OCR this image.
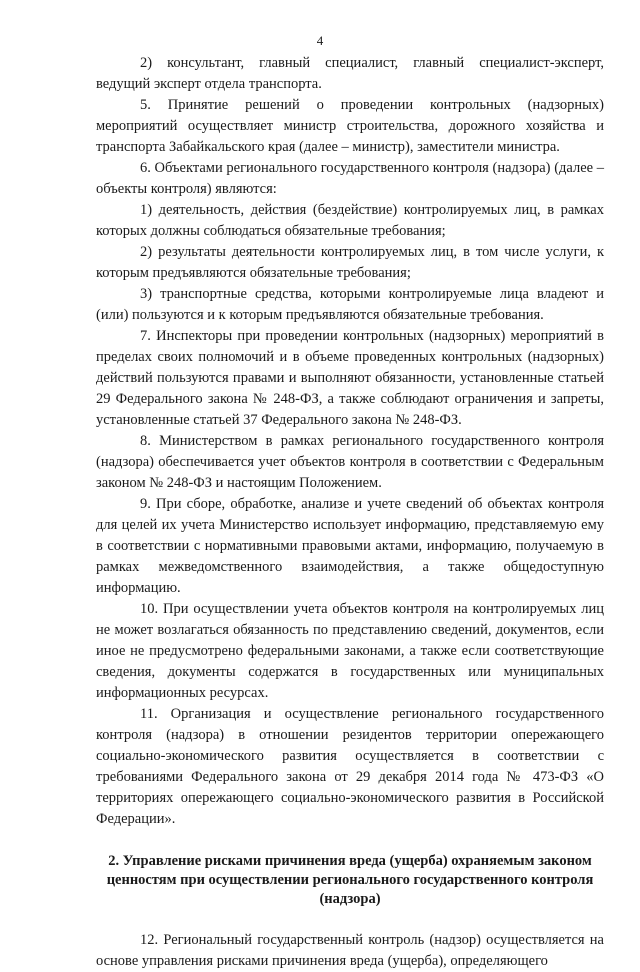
4

2) консультант, главный специалист, главный специалист-эксперт, ведущий эксперт отдела транспорта.

5. Принятие решений о проведении контрольных (надзорных) мероприятий осуществляет министр строительства, дорожного хозяйства и транспорта Забайкальского края (далее – министр), заместители министра.

6. Объектами регионального государственного контроля (надзора) (далее – объекты контроля) являются:

1) деятельность, действия (бездействие) контролируемых лиц, в рамках которых должны соблюдаться обязательные требования;

2) результаты деятельности контролируемых лиц, в том числе услуги, к которым предъявляются обязательные требования;

3) транспортные средства, которыми контролируемые лица владеют и (или) пользуются и к которым предъявляются обязательные требования.

7. Инспекторы при проведении контрольных (надзорных) мероприятий в пределах своих полномочий и в объеме проведенных контрольных (надзорных) действий пользуются правами и выполняют обязанности, установленные статьей 29 Федерального закона № 248-ФЗ, а также соблюдают ограничения и запреты, установленные статьей 37 Федерального закона № 248-ФЗ.

8. Министерством в рамках регионального государственного контроля (надзора) обеспечивается учет объектов контроля в соответствии с Федеральным законом № 248-ФЗ и настоящим Положением.

9. При сборе, обработке, анализе и учете сведений об объектах контроля для целей их учета Министерство использует информацию, представляемую ему в соответствии с нормативными правовыми актами, информацию, получаемую в рамках межведомственного взаимодействия, а также общедоступную информацию.

10. При осуществлении учета объектов контроля на контролируемых лиц не может возлагаться обязанность по представлению сведений, документов, если иное не предусмотрено федеральными законами, а также если соответствующие сведения, документы содержатся в государственных или муниципальных информационных ресурсах.

11. Организация и осуществление регионального государственного контроля (надзора) в отношении резидентов территории опережающего социально-экономического развития осуществляется в соответствии с требованиями Федерального закона от 29 декабря 2014 года № 473-ФЗ «О территориях опережающего социально-экономического развития в Российской Федерации».

2. Управление рисками причинения вреда (ущерба) охраняемым законом ценностям при осуществлении регионального государственного контроля (надзора)

12. Региональный государственный контроль (надзор) осуществляется на основе управления рисками причинения вреда (ущерба), определяющего
